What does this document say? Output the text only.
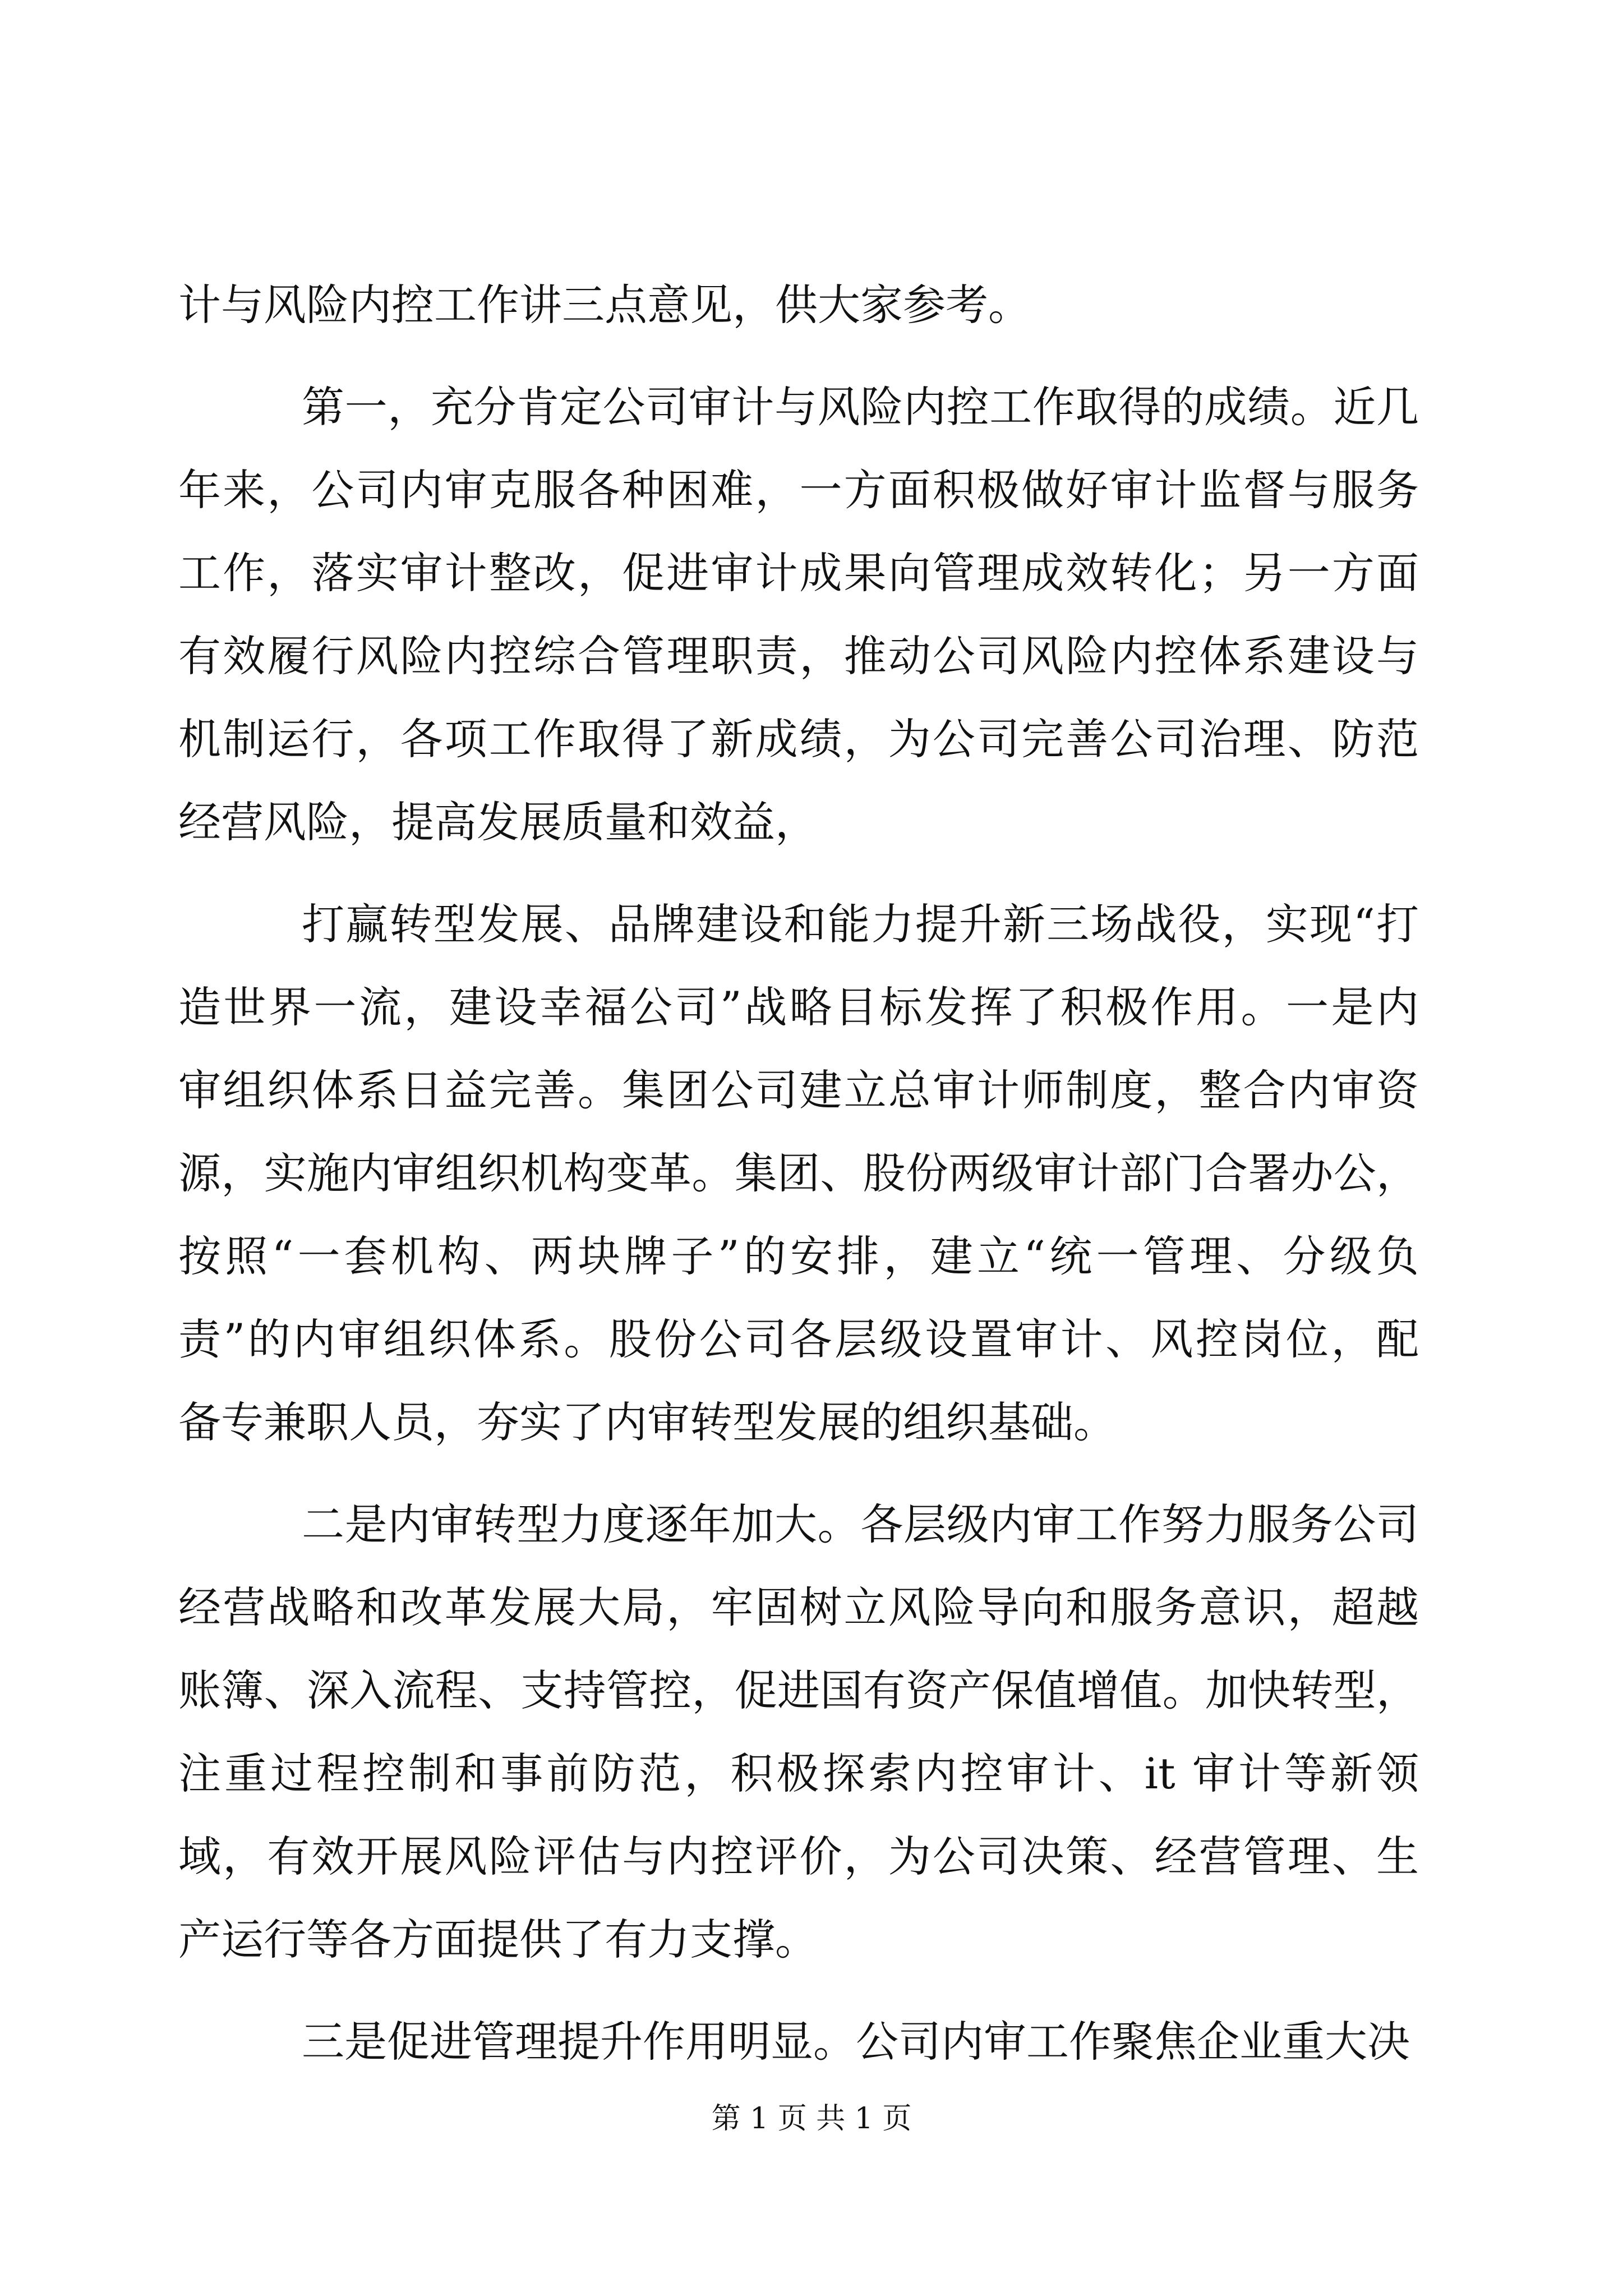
计与风险内控工作讲三点意见，供大家参考。
第一，充分肯定公司审计与风险内控工作取得的成绩。近几
年来，公司内审克服各种困难，一方面积极做好审计监督与服务
工作，落实审计整改，促进审计成果向管理成效转化；另一方面
有效履行风险内控综合管理职责，推动公司风险内控体系建设与
机制运行，各项工作取得了新成绩，为公司完善公司治理、防范
经营风险，提高发展质量和效益，
打赢转型发展、品牌建设和能力提升新三场战役，实现“打
造世界一流，建设幸福公司”战略目标发挥了积极作用。一是内
审组织体系日益完善。集团公司建立总审计师制度，整合内审资
源，实施内审组织机构变革。集团、股份两级审计部门合署办公，
按照“一套机构、两块牌子”的安排，建立“统一管理、分级负
责”的内审组织体系。股份公司各层级设置审计、风控岗位，配
备专兼职人员，夯实了内审转型发展的组织基础。
二是内审转型力度逐年加大。各层级内审工作努力服务公司
经营战略和改革发展大局，牢固树立风险导向和服务意识，超越
账簿、深入流程、支持管控，促进国有资产保值增值。加快转型，
注重过程控制和事前防范，积极探索内控审计、it 审计等新领
域，有效开展风险评估与内控评价，为公司决策、经营管理、生
产运行等各方面提供了有力支撑。
三是促进管理提升作用明显。公司内审工作聚焦企业重大决
第 1 页 共 1 页
